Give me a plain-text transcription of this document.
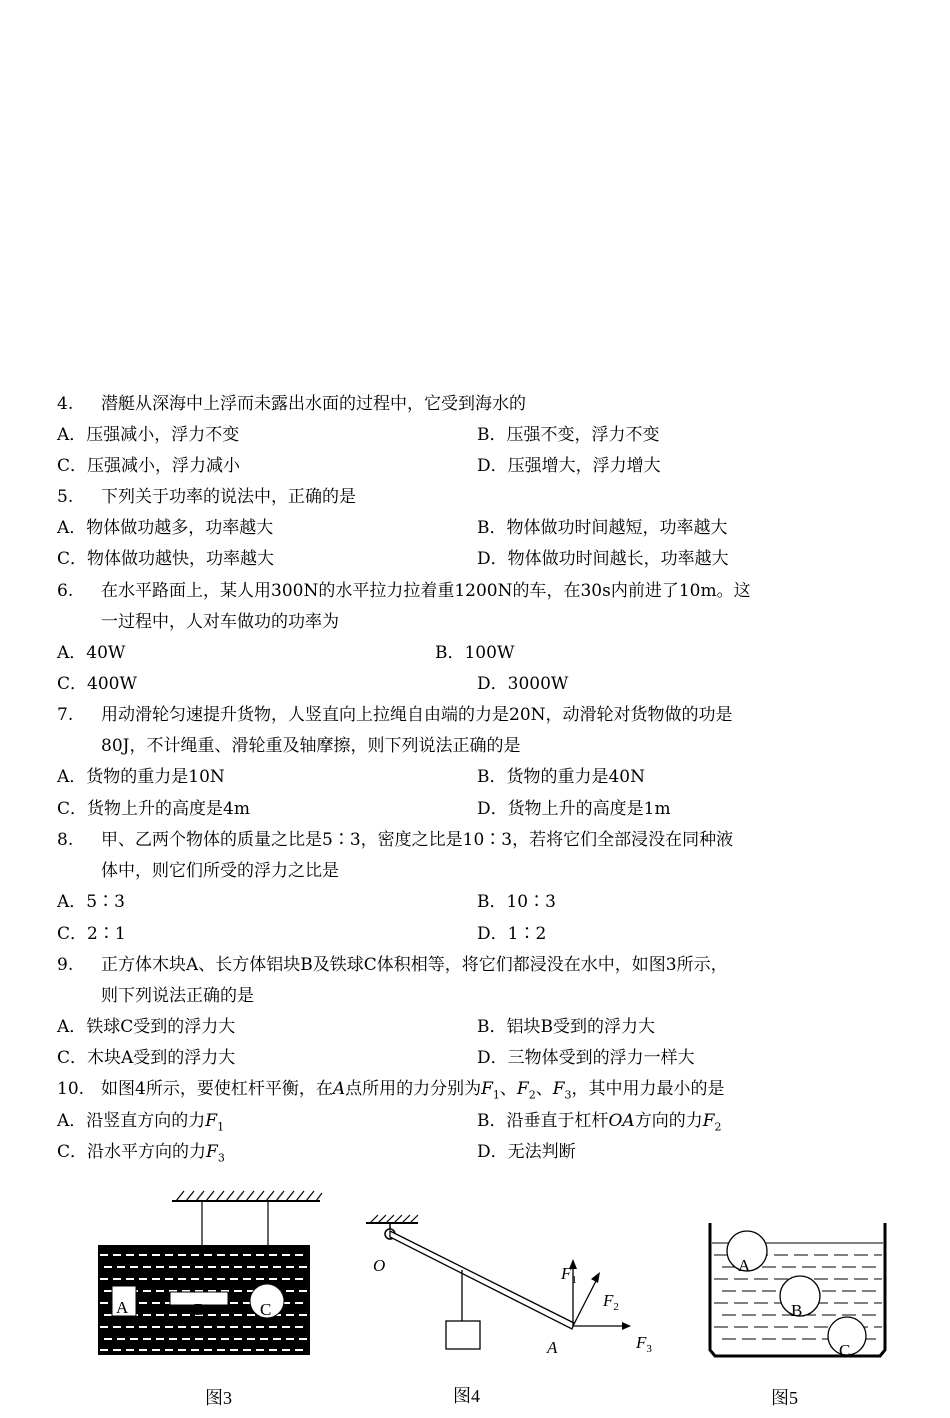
4. 潜艇从深海中上浮而未露出水面的过程中，它受到海水的
A．压强减小，浮力不变	B．压强不变，浮力不变
C．压强减小，浮力减小	D．压强增大，浮力增大
5. 下列关于功率的说法中，正确的是
A．物体做功越多，功率越大	B．物体做功时间越短，功率越大
C．物体做功越快，功率越大	D．物体做功时间越长，功率越大
6. 在水平路面上，某人用300N的水平拉力拉着重1200N的车，在30s内前进了10m。这
一过程中，人对车做功的功率为
A．40W	B．100W
C．400W	D．3000W
7. 用动滑轮匀速提升货物，人竖直向上拉绳自由端的力是20N，动滑轮对货物做的功是
80J，不计绳重、滑轮重及轴摩擦，则下列说法正确的是
A．货物的重力是10N	B．货物的重力是40N
C．货物上升的高度是4m	D．货物上升的高度是1m
8. 甲、乙两个物体的质量之比是5∶3，密度之比是10∶3，若将它们全部浸没在同种液
体中，则它们所受的浮力之比是
A．5∶3	B．10∶3
C．2∶1	D．1∶2
9. 正方体木块A、长方体铝块B及铁球C体积相等，将它们都浸没在水中，如图3所示，
则下列说法正确的是
A．铁球C受到的浮力大	B．铝块B受到的浮力大
C．木块A受到的浮力大	D．三物体受到的浮力一样大
10. 如图4所示，要使杠杆平衡，在A点所用的力分别为$F_1$、$F_2$、$F_3$，其中用力最小的是
A．沿竖直方向的力$F_1$	B．沿垂直于杠杆OA方向的力$F_2$
C．沿水平方向的力$F_3$	D．无法判断
A	B	C
图3
O
A
$F_1$
$F_2$
$F_3$
图4
A
B
C
图5
